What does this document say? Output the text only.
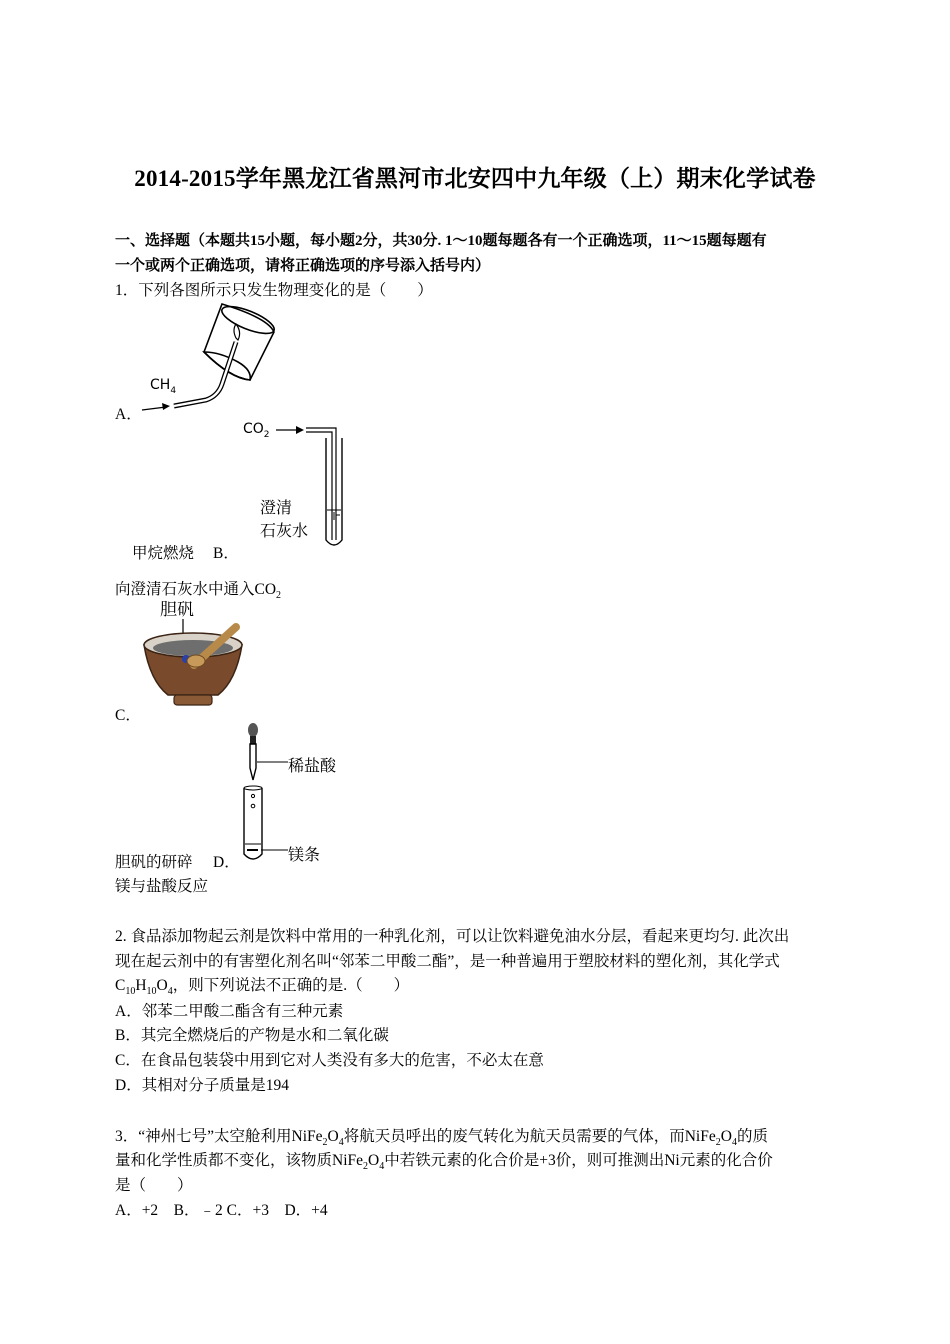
2014-2015学年黑龙江省黑河市北安四中九年级（上）期末化学试卷
一、选择题（本题共15小题，每小题2分，共30分. 1～10题每题各有一个正确选项，11～15题每题有
一个或两个正确选项，请将正确选项的序号添入括号内）
1．下列各图所示只发生物理变化的是（　　）
$CH_4$
A．
$CO_2$
澄清
石灰水
甲烷燃烧 B．
向澄清石灰水中通入$CO_2$
胆矾
C．
稀盐酸
镁条
胆矾的研碎 D．
镁与盐酸反应
2. 食品添加物起云剂是饮料中常用的一种乳化剂，可以让饮料避免油水分层，看起来更均匀. 此次出
现在起云剂中的有害塑化剂名叫“邻苯二甲酸二酯”，是一种普遍用于塑胶材料的塑化剂，其化学式
$C_{10}H_{10}O_4$，则下列说法不正确的是.（　　）
A．邻苯二甲酸二酯含有三种元素
B．其完全燃烧后的产物是水和二氧化碳
C．在食品包装袋中用到它对人类没有多大的危害，不必太在意
D．其相对分子质量是194
3．“神州七号”太空舱利用$NiFe_2O_4$将航天员呼出的废气转化为航天员需要的气体，而$NiFe_2O_4$的质
量和化学性质都不变化，该物质$NiFe_2O_4$中若铁元素的化合价是+3价，则可推测出Ni元素的化合价
是（　　）
A．+2　B．﹣2 C．+3　D．+4
